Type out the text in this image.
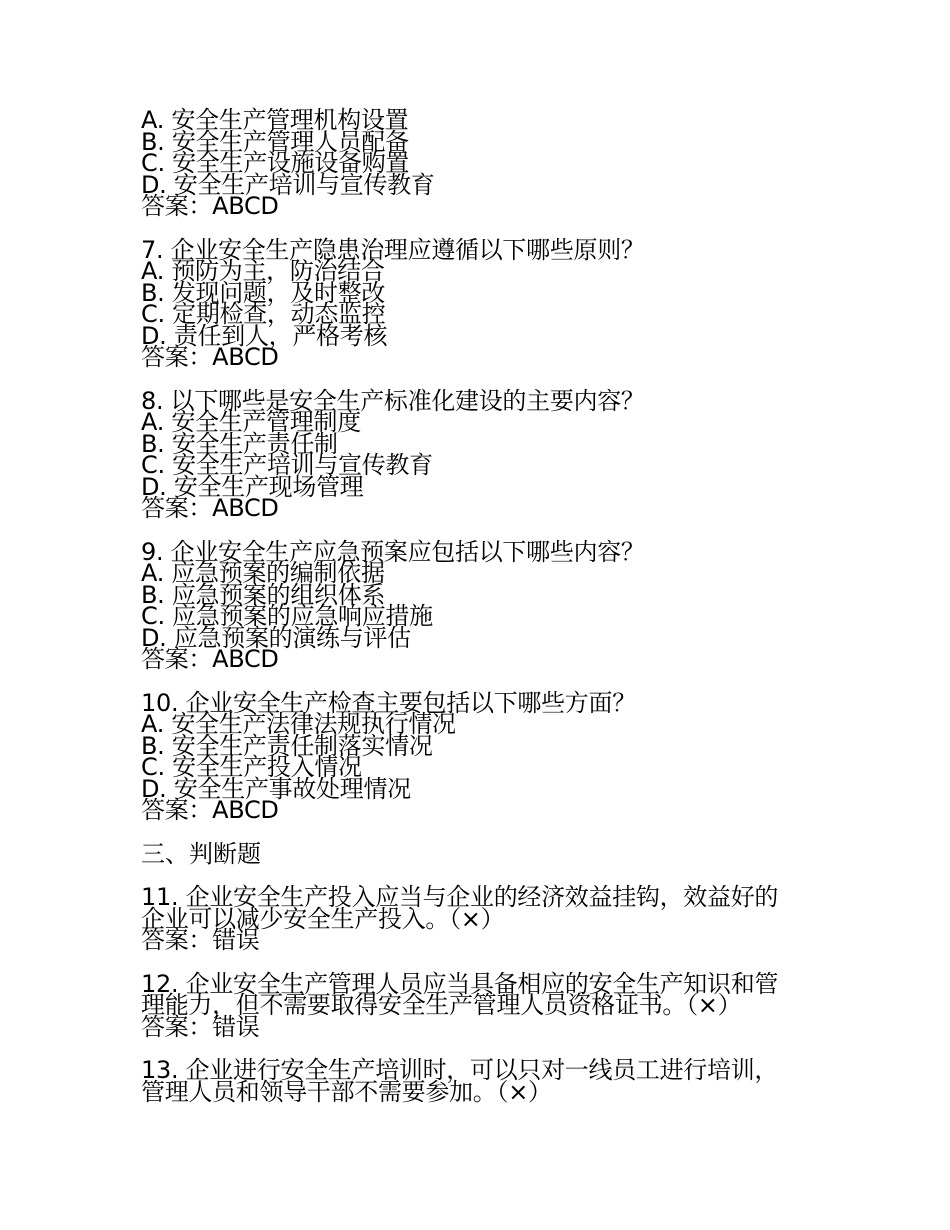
A. 安全生产管理机构设置
B. 安全生产管理人员配备
C. 安全生产设施设备购置
D. 安全生产培训与宣传教育
答案：ABCD
7. 企业安全生产隐患治理应遵循以下哪些原则？
A. 预防为主，防治结合
B. 发现问题，及时整改
C. 定期检查，动态监控
D. 责任到人，严格考核
答案：ABCD
8. 以下哪些是安全生产标准化建设的主要内容？
A. 安全生产管理制度
B. 安全生产责任制
C. 安全生产培训与宣传教育
D. 安全生产现场管理
答案：ABCD
9. 企业安全生产应急预案应包括以下哪些内容？
A. 应急预案的编制依据
B. 应急预案的组织体系
C. 应急预案的应急响应措施
D. 应急预案的演练与评估
答案：ABCD
10. 企业安全生产检查主要包括以下哪些方面？
A. 安全生产法律法规执行情况
B. 安全生产责任制落实情况
C. 安全生产投入情况
D. 安全生产事故处理情况
答案：ABCD
三、判断题
11. 企业安全生产投入应当与企业的经济效益挂钩，效益好的
企业可以减少安全生产投入。（×）
答案：错误
12. 企业安全生产管理人员应当具备相应的安全生产知识和管
理能力，但不需要取得安全生产管理人员资格证书。（×）
答案：错误
13. 企业进行安全生产培训时，可以只对一线员工进行培训，
管理人员和领导干部不需要参加。（×）
